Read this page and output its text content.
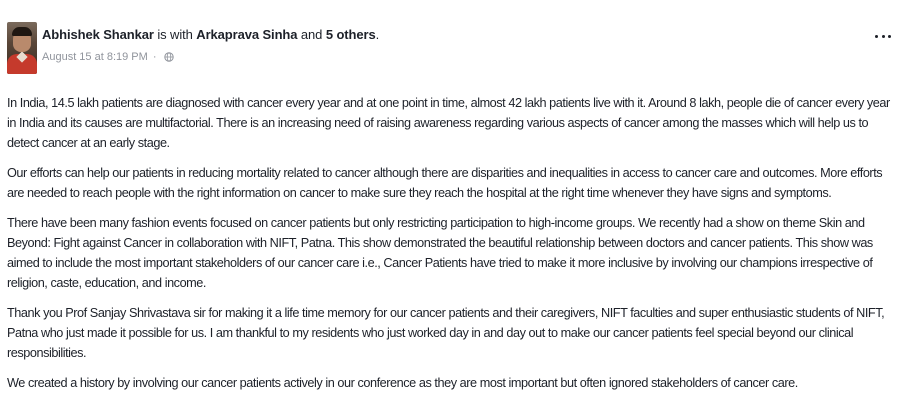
Abhishek Shankar is with Arkaprava Sinha and 5 others.
August 15 at 8:19 PM ·

In India, 14.5 lakh patients are diagnosed with cancer every year and at one point in time, almost 42 lakh patients live with it. Around 8 lakh, people die of cancer every year in India and its causes are multifactorial. There is an increasing need of raising awareness regarding various aspects of cancer among the masses which will help us to detect cancer at an early stage.

Our efforts can help our patients in reducing mortality related to cancer although there are disparities and inequalities in access to cancer care and outcomes. More efforts are needed to reach people with the right information on cancer to make sure they reach the hospital at the right time whenever they have signs and symptoms.

There have been many fashion events focused on cancer patients but only restricting participation to high-income groups. We recently had a show on theme Skin and Beyond: Fight against Cancer in collaboration with NIFT, Patna. This show demonstrated the beautiful relationship between doctors and cancer patients. This show was aimed to include the most important stakeholders of our cancer care i.e., Cancer Patients have tried to make it more inclusive by involving our champions irrespective of religion, caste, education, and income.

Thank you Prof Sanjay Shrivastava sir for making it a life time memory for our cancer patients and their caregivers, NIFT faculties and super enthusiastic students of NIFT, Patna who just made it possible for us. I am thankful to my residents who just worked day in and day out to make our cancer patients feel special beyond our clinical responsibilities.

We created a history by involving our cancer patients actively in our conference as they are most important but often ignored stakeholders of cancer care.
